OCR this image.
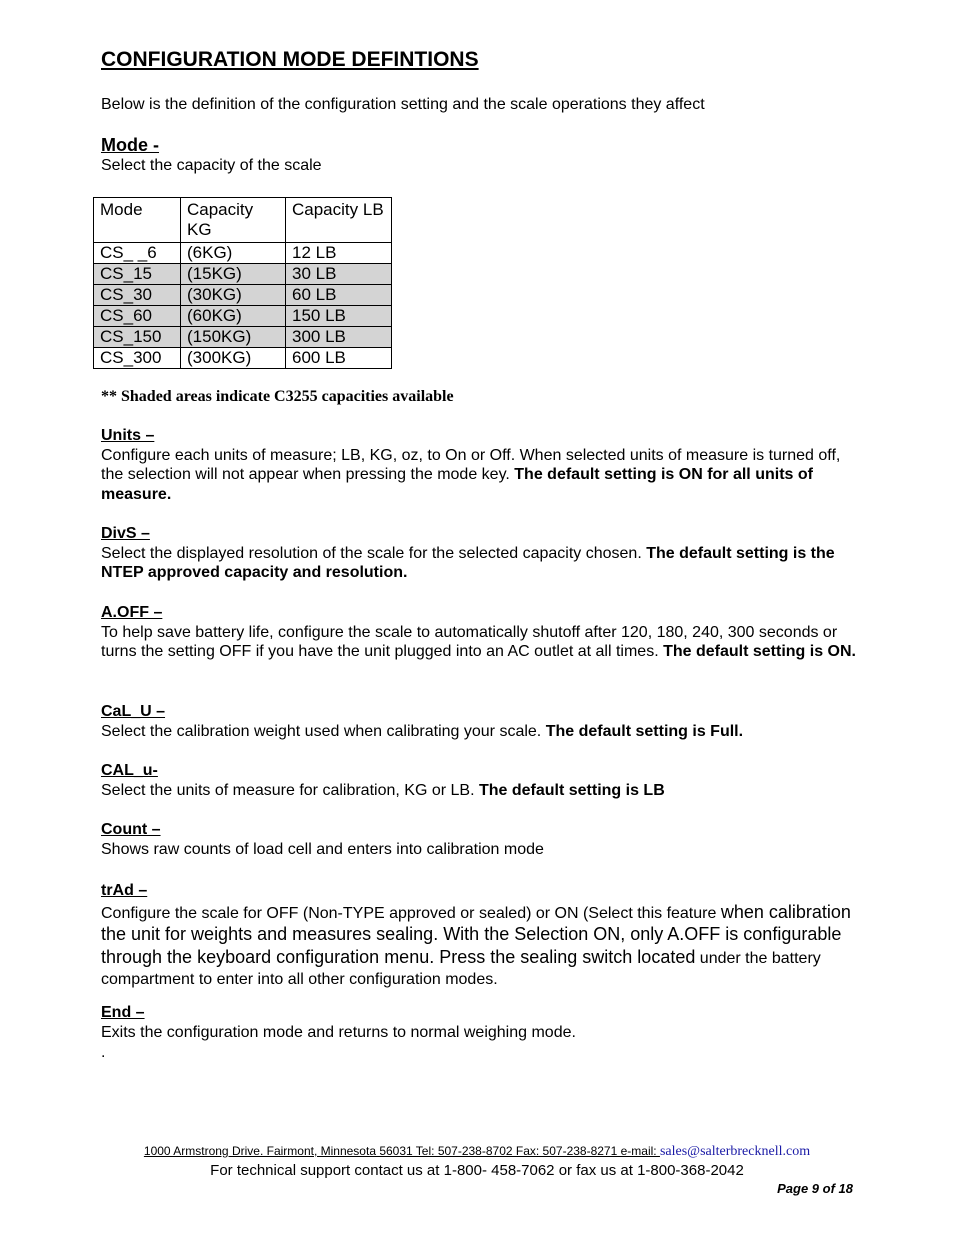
CONFIGURATION MODE DEFINTIONS

Below is the definition of the configuration setting and the scale operations they affect

Mode -

Select the capacity of the scale

Mode	Capacity KG	Capacity LB
CS_ _6	(6KG)	12 LB
CS_15	(15KG)	30 LB
CS_30	(30KG)	60 LB
CS_60	(60KG)	150 LB
CS_150	(150KG)	300 LB
CS_300	(300KG)	600 LB

** Shaded areas indicate C3255 capacities available

Units –
Configure each units of measure; LB, KG, oz, to On or Off. When selected units of measure is turned off, the selection will not appear when pressing the mode key. The default setting is ON for all units of measure.
DivS –
Select the displayed resolution of the scale for the selected capacity chosen. The default setting is the NTEP approved capacity and resolution.
A.OFF –
To help save battery life, configure the scale to automatically shutoff after 120, 180, 240, 300 seconds or turns the setting OFF if you have the unit plugged into an AC outlet at all times. The default setting is ON.
CaL_U –
Select the calibration weight used when calibrating your scale. The default setting is Full.
CAL_u-
Select the units of measure for calibration, KG or LB. The default setting is LB
Count –
Shows raw counts of load cell and enters into calibration mode
trAd –
Configure the scale for OFF (Non-TYPE approved or sealed) or ON (Select this feature when calibration the unit for weights and measures sealing. With the Selection ON, only A.OFF is configurable through the keyboard configuration menu. Press the sealing switch located under the battery compartment to enter into all other configuration modes.
End –
Exits the configuration mode and returns to normal weighing mode.

.

1000 Armstrong Drive. Fairmont, Minnesota 56031 Tel: 507-238-8702 Fax: 507-238-8271 e-mail: sales@salterbrecknell.com
For technical support contact us at 1-800- 458-7062 or fax us at 1-800-368-2042
Page 9 of 18
